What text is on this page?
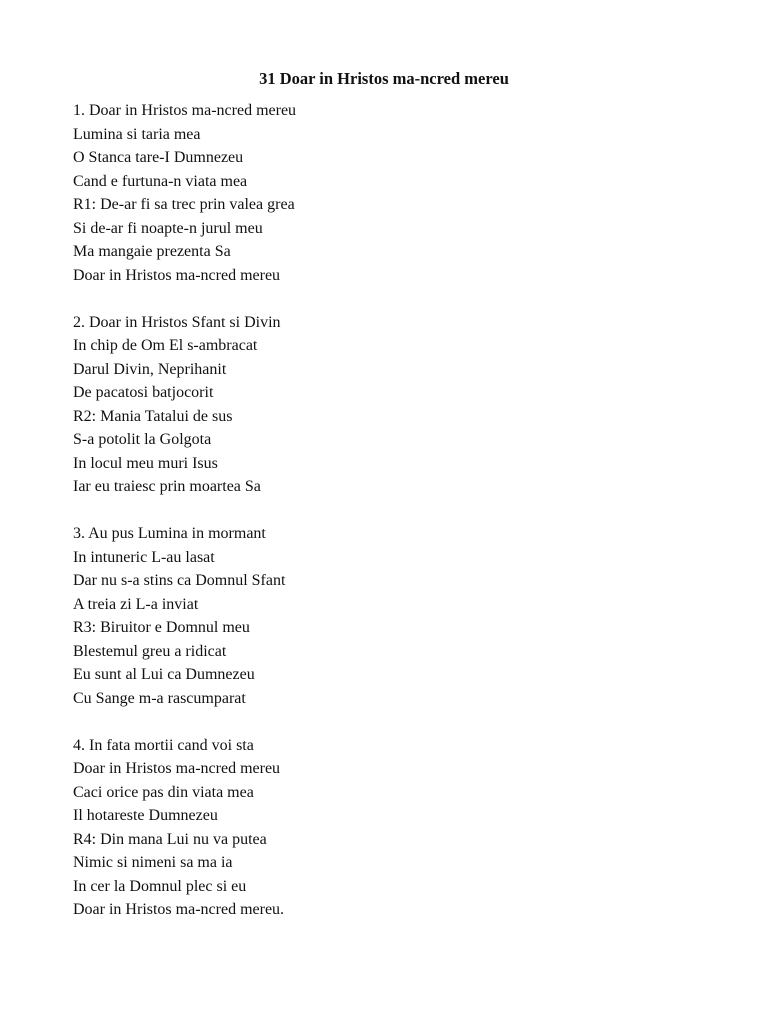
31 Doar in Hristos ma-ncred mereu
1. Doar in Hristos ma-ncred mereu
Lumina si taria mea
O Stanca tare-I Dumnezeu
Cand e furtuna-n viata mea
R1: De-ar fi sa trec prin valea grea
Si de-ar fi noapte-n jurul meu
Ma mangaie prezenta Sa
Doar in Hristos ma-ncred mereu
2. Doar in Hristos Sfant si Divin
In chip de Om El s-ambracat
Darul Divin, Neprihanit
De pacatosi batjocorit
R2: Mania Tatalui de sus
S-a potolit la Golgota
In locul meu muri Isus
Iar eu traiesc prin moartea Sa
3. Au pus Lumina in mormant
In intuneric L-au lasat
Dar nu s-a stins ca Domnul Sfant
A treia zi L-a inviat
R3: Biruitor e Domnul meu
Blestemul greu a ridicat
Eu sunt al Lui ca Dumnezeu
Cu Sange m-a rascumparat
4. In fata mortii cand voi sta
Doar in Hristos ma-ncred mereu
Caci orice pas din viata mea
Il hotareste Dumnezeu
R4: Din mana Lui nu va putea
Nimic si nimeni sa ma ia
In cer la Domnul plec si eu
Doar in Hristos ma-ncred mereu.
